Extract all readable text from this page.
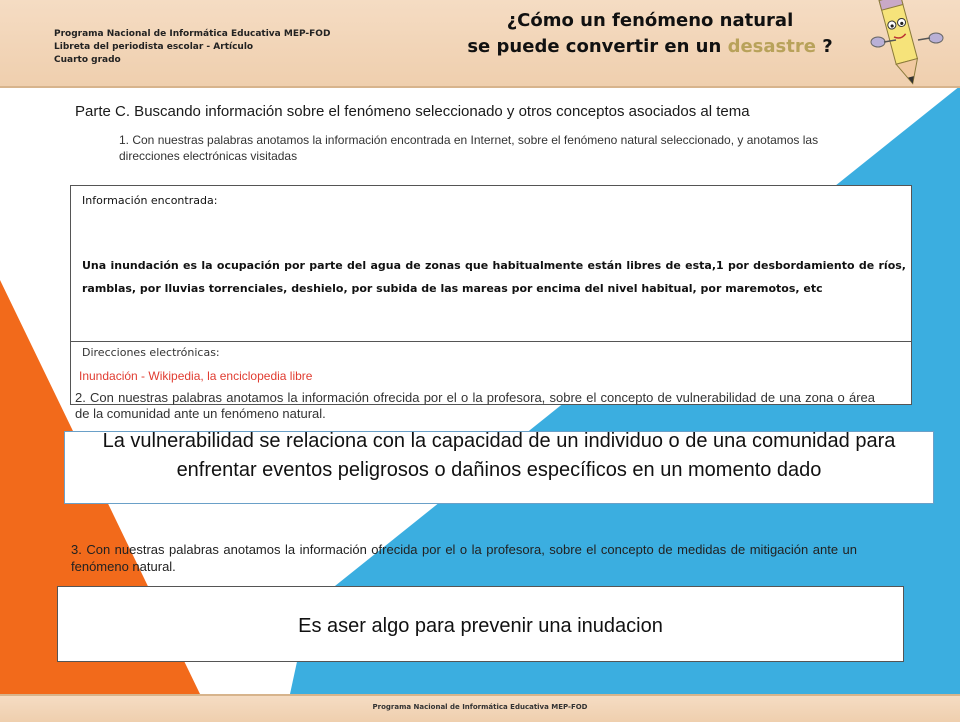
Programa Nacional de Informática Educativa MEP-FOD
Libreta del periodista escolar - Artículo
Cuarto grado
¿Cómo un fenómeno natural
se puede convertir en un desastre ?
Parte C. Buscando información sobre el fenómeno seleccionado y otros conceptos asociados al tema
1. Con nuestras palabras anotamos la información encontrada en Internet, sobre el fenómeno natural seleccionado, y anotamos las direcciones electrónicas visitadas
Información encontrada:
Una inundación es la ocupación por parte del agua de zonas que habitualmente están libres de esta,1 por desbordamiento de ríos, ramblas, por lluvias torrenciales, deshielo, por subida de las mareas por encima del nivel habitual, por maremotos, etc
Direcciones electrónicas:
Inundación - Wikipedia, la enciclopedia libre
2. Con nuestras palabras anotamos la información ofrecida por el o la profesora, sobre el concepto de vulnerabilidad de una zona o área de la comunidad ante un fenómeno natural.
La vulnerabilidad se relaciona con la capacidad de un individuo o de una comunidad para enfrentar eventos peligrosos o dañinos específicos en un momento dado
3. Con nuestras palabras anotamos la información ofrecida por el o la profesora, sobre el concepto de medidas de mitigación ante un fenómeno natural.
Es aser algo para prevenir una inudacion
Programa Nacional de Informática Educativa MEP-FOD
